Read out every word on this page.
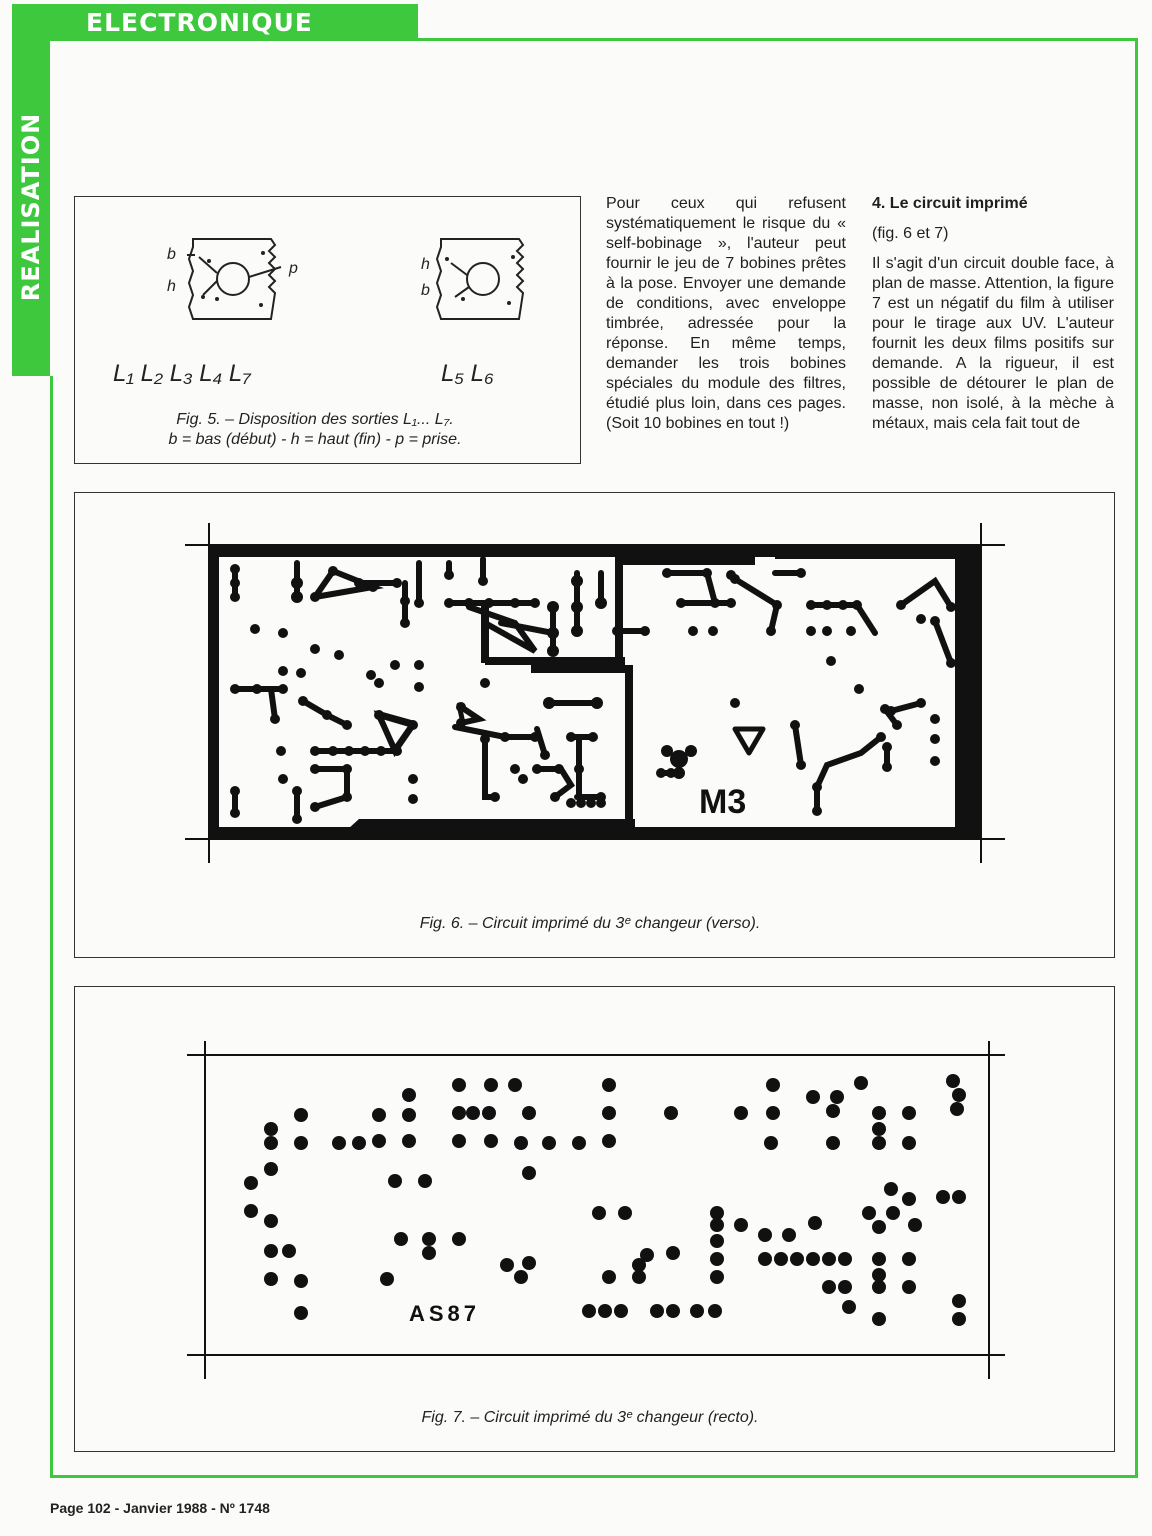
ELECTRONIQUE
REALISATION	b
h
p	h
b
L₁ L₂ L₃ L₄ L₇	L₅ L₆
Fig. 5. – Disposition des sorties L₁... L₇.
b = bas (début) - h = haut (fin) - p = prise.

Pour ceux qui refusent systématiquement le risque du « self-bobinage », l'auteur peut fournir le jeu de 7 bobines prêtes à la pose. Envoyer une demande de conditions, avec enveloppe timbrée, adressée pour la réponse. En même temps, demander les trois bobines spéciales du module des filtres, étudié plus loin, dans ces pages. (Soit 10 bobines en tout !)

4. Le circuit imprimé

(fig. 6 et 7)

Il s'agit d'un circuit double face, à plan de masse. Attention, la figure 7 est un négatif du film à utiliser pour le tirage aux UV. L'auteur fournit les deux films positifs sur demande. A la rigueur, il est possible de détourer le plan de masse, non isolé, à la mèche à métaux, mais cela fait tout de

M3
Fig. 6. – Circuit imprimé du 3ᵉ changeur (verso).
AS87
Fig. 7. – Circuit imprimé du 3ᵉ changeur (recto).
Page 102 - Janvier 1988 - Nº 1748
